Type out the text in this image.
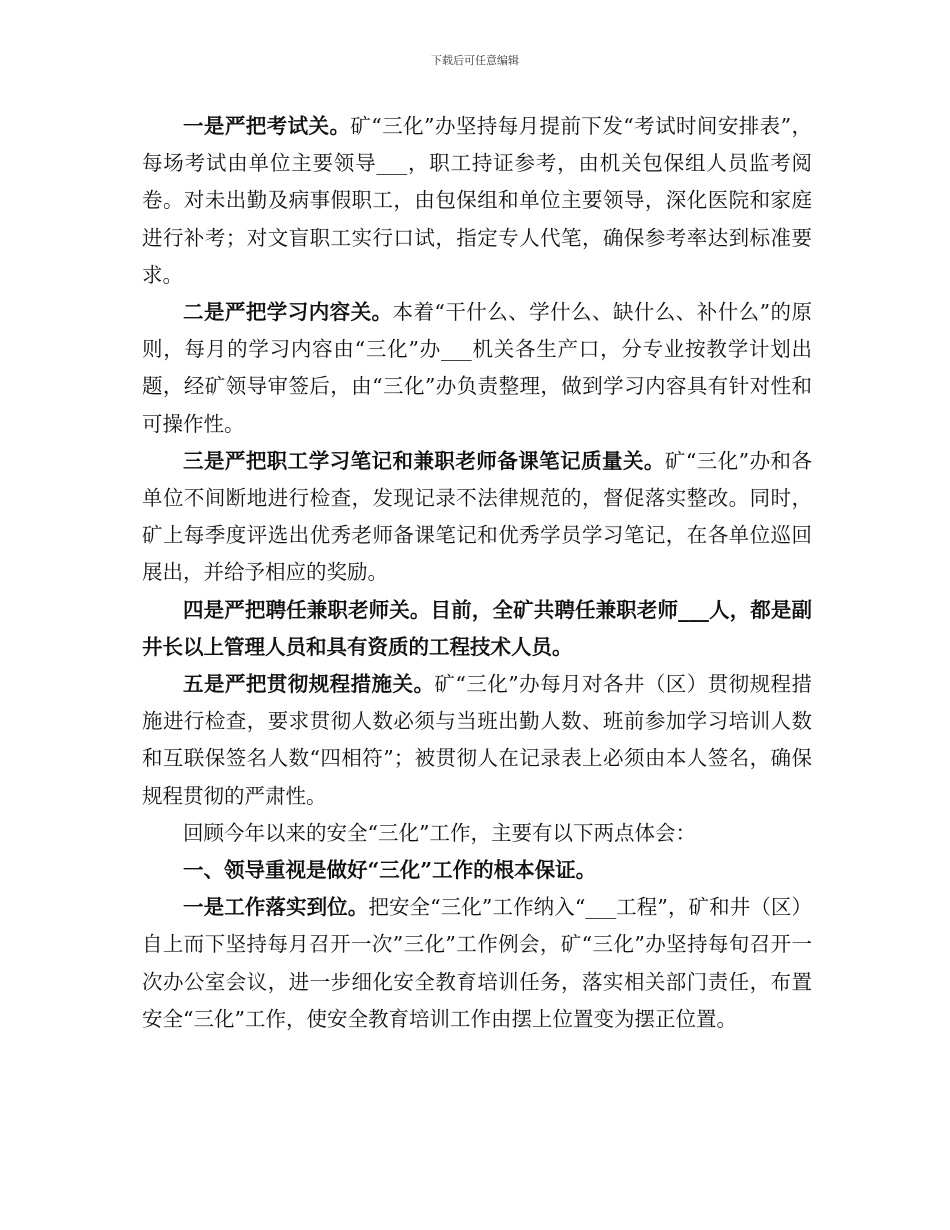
下载后可任意编辑

一是严把考试关。矿“三化”办坚持每月提前下发“考试时间安排表”，每场考试由单位主要领导___，职工持证参考，由机关包保组人员监考阅卷。对未出勤及病事假职工，由包保组和单位主要领导，深化医院和家庭进行补考；对文盲职工实行口试，指定专人代笔，确保参考率达到标准要求。

二是严把学习内容关。本着“干什么、学什么、缺什么、补什么”的原则，每月的学习内容由“三化”办___机关各生产口，分专业按教学计划出题，经矿领导审签后，由“三化”办负责整理，做到学习内容具有针对性和可操作性。

三是严把职工学习笔记和兼职老师备课笔记质量关。矿“三化”办和各单位不间断地进行检查，发现记录不法律规范的，督促落实整改。同时，矿上每季度评选出优秀老师备课笔记和优秀学员学习笔记，在各单位巡回展出，并给予相应的奖励。

四是严把聘任兼职老师关。目前，全矿共聘任兼职老师___人，都是副井长以上管理人员和具有资质的工程技术人员。

五是严把贯彻规程措施关。矿“三化”办每月对各井（区）贯彻规程措施进行检查，要求贯彻人数必须与当班出勤人数、班前参加学习培训人数和互联保签名人数“四相符”；被贯彻人在记录表上必须由本人签名，确保规程贯彻的严肃性。

回顾今年以来的安全“三化”工作，主要有以下两点体会：

一、领导重视是做好“三化”工作的根本保证。

一是工作落实到位。把安全“三化”工作纳入“___工程”，矿和井（区）自上而下坚持每月召开一次”三化”工作例会，矿“三化”办坚持每旬召开一次办公室会议，进一步细化安全教育培训任务，落实相关部门责任，布置安全“三化”工作，使安全教育培训工作由摆上位置变为摆正位置。
